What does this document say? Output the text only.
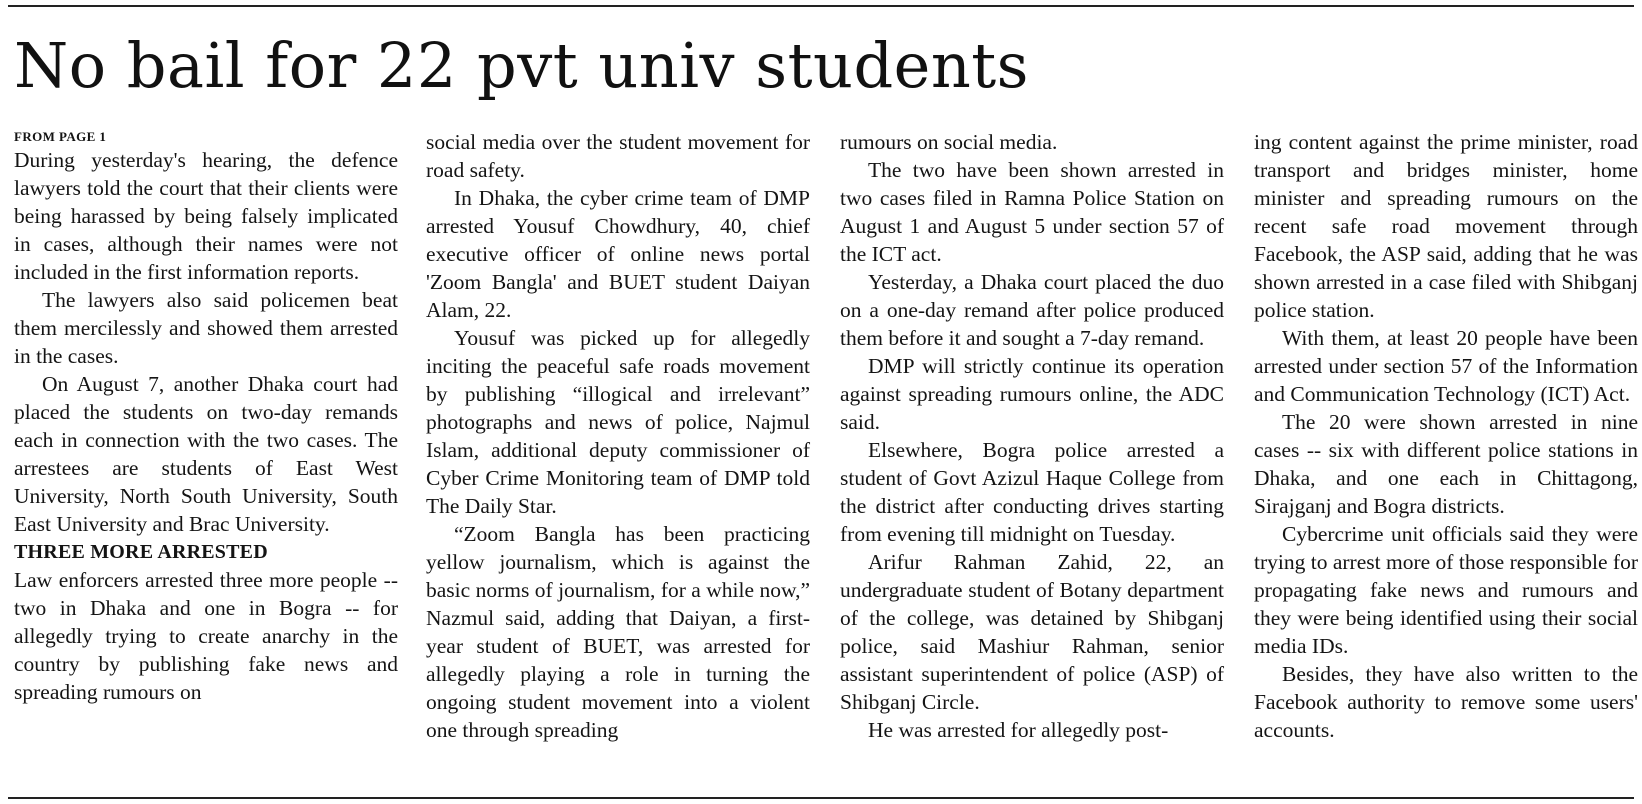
No bail for 22 pvt univ students
FROM PAGE 1

During yesterday's hearing, the defence lawyers told the court that their clients were being harassed by being falsely implicated in cases, although their names were not included in the first information reports.

The lawyers also said policemen beat them mercilessly and showed them arrested in the cases.

On August 7, another Dhaka court had placed the students on two-day remands each in connection with the two cases. The arrestees are students of East West University, North South University, South East University and Brac University.

THREE MORE ARRESTED

Law enforcers arrested three more people -- two in Dhaka and one in Bogra -- for allegedly trying to create anarchy in the country by publishing fake news and spreading rumours on

social media over the student movement for road safety.

In Dhaka, the cyber crime team of DMP arrested Yousuf Chowdhury, 40, chief executive officer of online news portal 'Zoom Bangla' and BUET student Daiyan Alam, 22.

Yousuf was picked up for allegedly inciting the peaceful safe roads movement by publishing “illogical and irrelevant” photographs and news of police, Najmul Islam, additional deputy commissioner of Cyber Crime Monitoring team of DMP told The Daily Star.

“Zoom Bangla has been practicing yellow journalism, which is against the basic norms of journalism, for a while now,” Nazmul said, adding that Daiyan, a first-year student of BUET, was arrested for allegedly playing a role in turning the ongoing student movement into a violent one through spreading

rumours on social media.

The two have been shown arrested in two cases filed in Ramna Police Station on August 1 and August 5 under section 57 of the ICT act.

Yesterday, a Dhaka court placed the duo on a one-day remand after police produced them before it and sought a 7-day remand.

DMP will strictly continue its operation against spreading rumours online, the ADC said.

Elsewhere, Bogra police arrested a student of Govt Azizul Haque College from the district after conducting drives starting from evening till midnight on Tuesday.

Arifur Rahman Zahid, 22, an undergraduate student of Botany department of the college, was detained by Shibganj police, said Mashiur Rahman, senior assistant superintendent of police (ASP) of Shibganj Circle.

He was arrested for allegedly post-

ing content against the prime minister, road transport and bridges minister, home minister and spreading rumours on the recent safe road movement through Facebook, the ASP said, adding that he was shown arrested in a case filed with Shibganj police station.

With them, at least 20 people have been arrested under section 57 of the Information and Communication Technology (ICT) Act.

The 20 were shown arrested in nine cases -- six with different police stations in Dhaka, and one each in Chittagong, Sirajganj and Bogra districts.

Cybercrime unit officials said they were trying to arrest more of those responsible for propagating fake news and rumours and they were being identified using their social media IDs.

Besides, they have also written to the Facebook authority to remove some users' accounts.
